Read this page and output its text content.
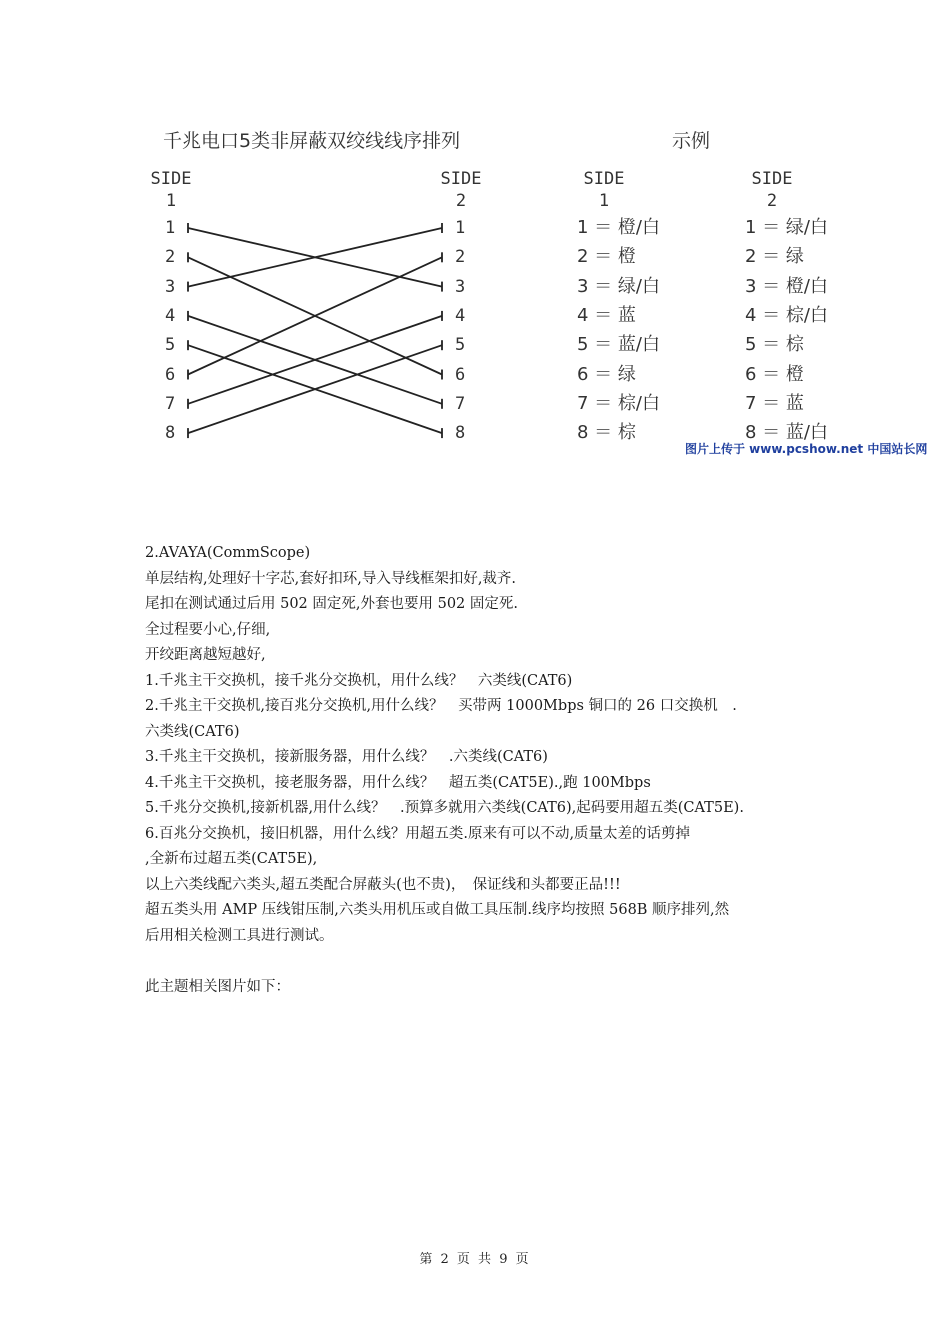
千兆电口5类非屏蔽双绞线线序排列	示例
SIDE
1
SIDE
2
SIDE
1
SIDE
2
1
2
3
4
5
6
7
8
1
2
3
4
5
6
7
8
1 ＝ 橙/白
2 ＝ 橙
3 ＝ 绿/白
4 ＝ 蓝
5 ＝ 蓝/白
6 ＝ 绿
7 ＝ 棕/白
8 ＝ 棕
1 ＝ 绿/白
2 ＝ 绿
3 ＝ 橙/白
4 ＝ 棕/白
5 ＝ 棕
6 ＝ 橙
7 ＝ 蓝
8 ＝ 蓝/白
图片上传于 www.pcshow.net 中国站长网

2.AVAYA(CommScope)

单层结构,处理好十字芯,套好扣环,导入导线框架扣好,裁齐.

尾扣在测试通过后用 502 固定死,外套也要用 502 固定死.

全过程要小心,仔细,

开绞距离越短越好,

1.千兆主干交换机，接千兆分交换机，用什么线？　六类线(CAT6)

2.千兆主干交换机,接百兆分交换机,用什么线？　买带两 1000Mbps 铜口的 26 口交换机　.

六类线(CAT6)

3.千兆主干交换机，接新服务器，用什么线？　.六类线(CAT6)

4.千兆主干交换机，接老服务器，用什么线？　超五类(CAT5E).,跑 100Mbps

5.千兆分交换机,接新机器,用什么线？　.预算多就用六类线(CAT6),起码要用超五类(CAT5E).

6.百兆分交换机，接旧机器，用什么线？用超五类.原来有可以不动,质量太差的话剪掉

,全新布过超五类(CAT5E),

以上六类线配六类头,超五类配合屏蔽头(也不贵)，　保证线和头都要正品!!!

超五类头用 AMP 压线钳压制,六类头用机压或自做工具压制.线序均按照 568B 顺序排列,然

后用相关检测工具进行测试。

此主题相关图片如下：

第 2 页 共 9 页
